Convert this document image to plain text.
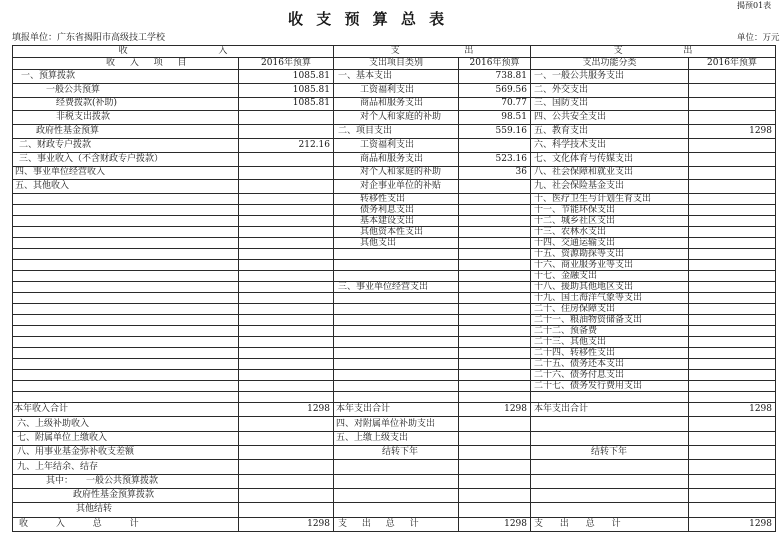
揭预01表
收 支 预 算 总 表
填报单位：广东省揭阳市高级技工学校	单位：万元
收 入		支 出		支 出	
收 入 项 目	2016年预算	支出项目类别	2016年预算	支出功能分类	2016年预算
一、预算拨款	1085.81	一、基本支出	738.81	一、一般公共服务支出	
一般公共预算	1085.81	工资福利支出	569.56	二、外交支出	
经费拨款(补助)	1085.81	商品和服务支出	70.77	三、国防支出	
非税支出拨款		对个人和家庭的补助	98.51	四、公共安全支出	
政府性基金预算		二、项目支出	559.16	五、教育支出	1298
二、财政专户拨款	212.16	工资福利支出		六、科学技术支出	
三、事业收入（不含财政专户拨款）		商品和服务支出	523.16	七、文化体育与传媒支出	
四、事业单位经营收入		对个人和家庭的补助	36	八、社会保障和就业支出	
五、其他收入		对企事业单位的补贴		九、社会保险基金支出	
		转移性支出		十、医疗卫生与计划生育支出	
		债务利息支出		十一、节能环保支出	
		基本建设支出		十二、城乡社区支出	
		其他资本性支出		十三、农林水支出	
		其他支出		十四、交通运输支出	
				十五、资源勘探等支出	
				十六、商业服务业等支出	
				十七、金融支出	
		三、事业单位经营支出		十八、援助其他地区支出	
				十九、国土海洋气象等支出	
				二十、住房保障支出	
				二十一、粮油物资储备支出	
				二十二、预备费	
				二十三、其他支出	
				二十四、转移性支出	
				二十五、债务还本支出	
				二十六、债务付息支出	
				二十七、债务发行费用支出	

本年收入合计	1298	本年支出合计	1298	本年支出合计	1298
六、上级补助收入		四、对附属单位补助支出			
七、附属单位上缴收入		五、上缴上级支出			
八、用事业基金弥补收支差额		结转下年		结转下年	
九、上年结余、结存					
其中： 一般公共预算拨款					
政府性基金预算拨款					
其他结转					
收 入 总 计	1298	支 出 总 计	1298	支 出 总 计	1298
